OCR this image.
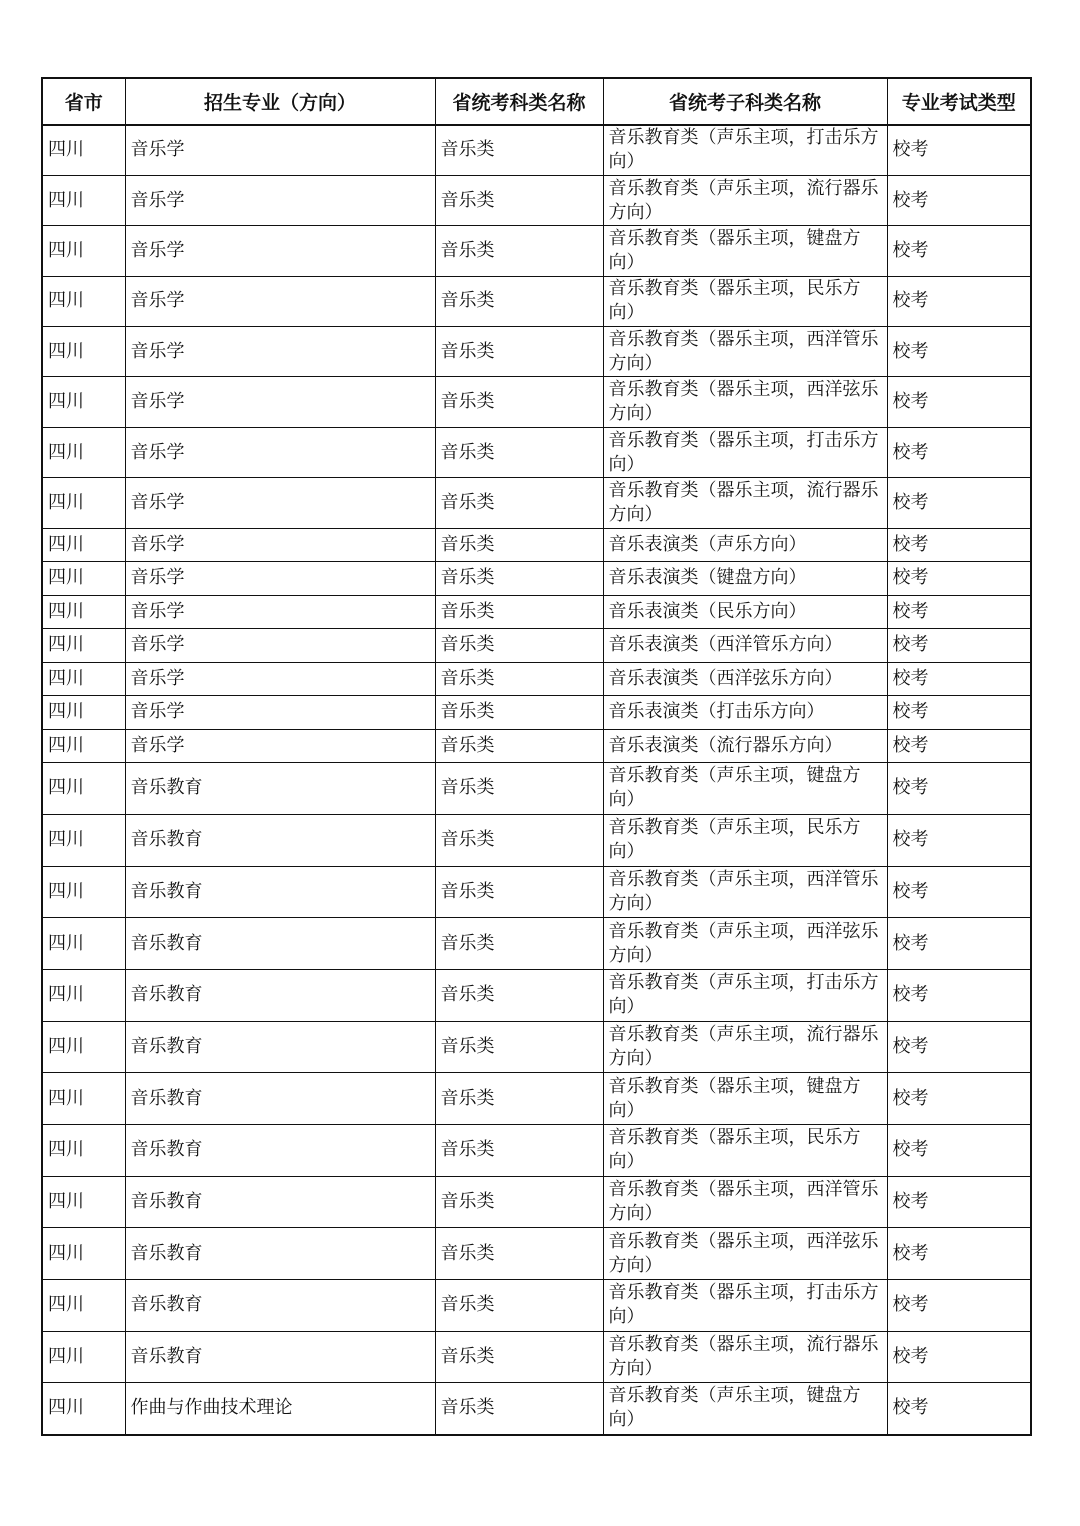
省市	招生专业（方向）	省统考科类名称	省统考子科类名称	专业考试类型
四川	音乐学	音乐类	音乐教育类（声乐主项，打击乐方向）	校考
四川	音乐学	音乐类	音乐教育类（声乐主项，流行器乐方向）	校考
四川	音乐学	音乐类	音乐教育类（器乐主项，键盘方向）	校考
四川	音乐学	音乐类	音乐教育类（器乐主项，民乐方向）	校考
四川	音乐学	音乐类	音乐教育类（器乐主项，西洋管乐方向）	校考
四川	音乐学	音乐类	音乐教育类（器乐主项，西洋弦乐方向）	校考
四川	音乐学	音乐类	音乐教育类（器乐主项，打击乐方向）	校考
四川	音乐学	音乐类	音乐教育类（器乐主项，流行器乐方向）	校考
四川	音乐学	音乐类	音乐表演类（声乐方向）	校考
四川	音乐学	音乐类	音乐表演类（键盘方向）	校考
四川	音乐学	音乐类	音乐表演类（民乐方向）	校考
四川	音乐学	音乐类	音乐表演类（西洋管乐方向）	校考
四川	音乐学	音乐类	音乐表演类（西洋弦乐方向）	校考
四川	音乐学	音乐类	音乐表演类（打击乐方向）	校考
四川	音乐学	音乐类	音乐表演类（流行器乐方向）	校考
四川	音乐教育	音乐类	音乐教育类（声乐主项，键盘方向）	校考
四川	音乐教育	音乐类	音乐教育类（声乐主项，民乐方向）	校考
四川	音乐教育	音乐类	音乐教育类（声乐主项，西洋管乐方向）	校考
四川	音乐教育	音乐类	音乐教育类（声乐主项，西洋弦乐方向）	校考
四川	音乐教育	音乐类	音乐教育类（声乐主项，打击乐方向）	校考
四川	音乐教育	音乐类	音乐教育类（声乐主项，流行器乐方向）	校考
四川	音乐教育	音乐类	音乐教育类（器乐主项，键盘方向）	校考
四川	音乐教育	音乐类	音乐教育类（器乐主项，民乐方向）	校考
四川	音乐教育	音乐类	音乐教育类（器乐主项，西洋管乐方向）	校考
四川	音乐教育	音乐类	音乐教育类（器乐主项，西洋弦乐方向）	校考
四川	音乐教育	音乐类	音乐教育类（器乐主项，打击乐方向）	校考
四川	音乐教育	音乐类	音乐教育类（器乐主项，流行器乐方向）	校考
四川	作曲与作曲技术理论	音乐类	音乐教育类（声乐主项，键盘方向）	校考
